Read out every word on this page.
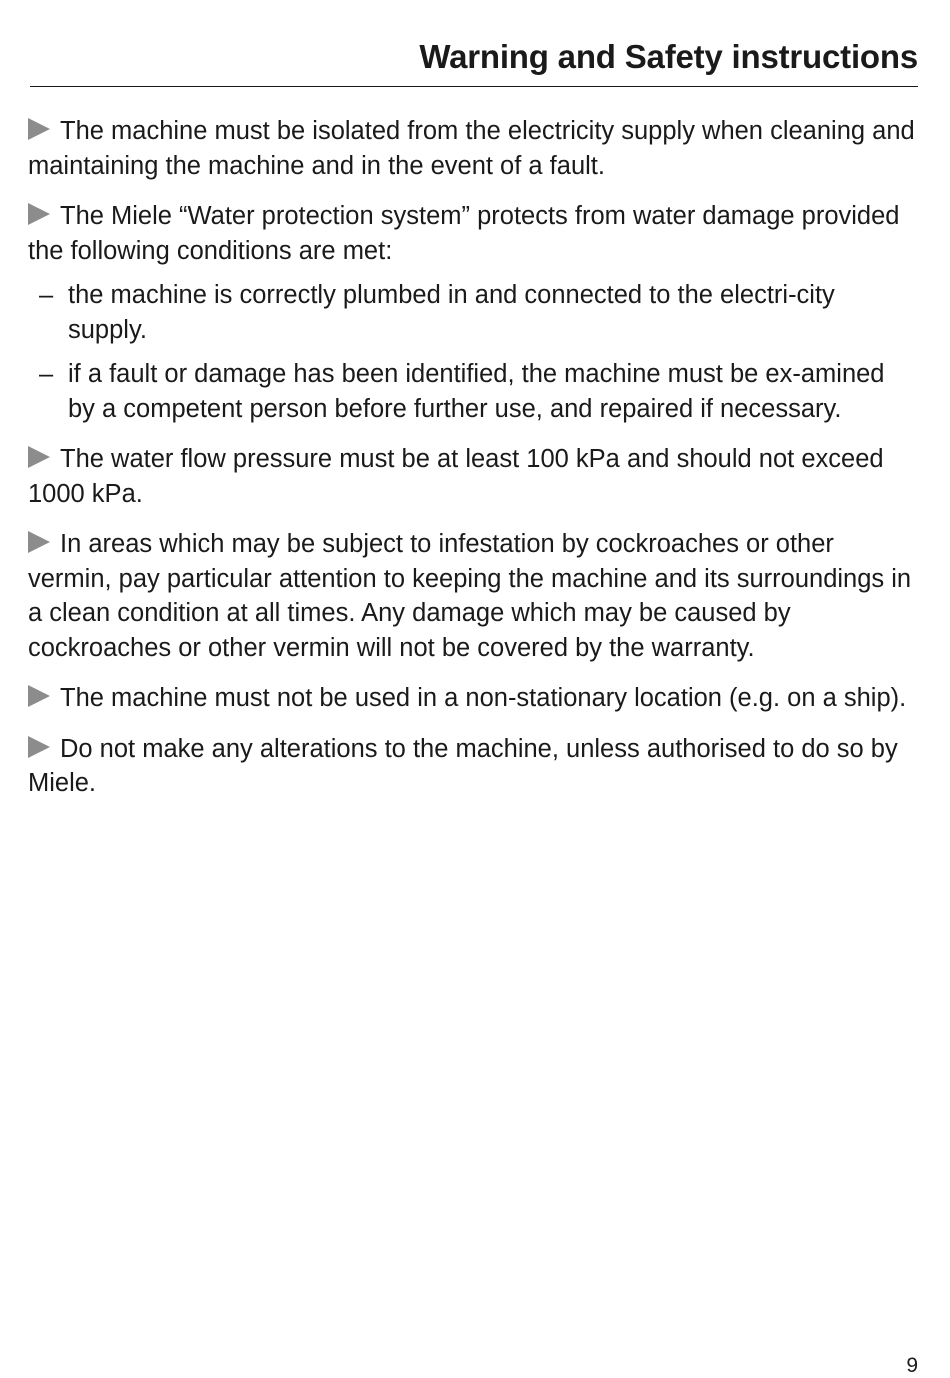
Warning and Safety instructions

The machine must be isolated from the electricity supply when cleaning and maintaining the machine and in the event of a fault.

The Miele “Water protection system” protects from water damage provided the following conditions are met:

– the machine is correctly plumbed in and connected to the electri-city supply.
– if a fault or damage has been identified, the machine must be ex-amined by a competent person before further use, and repaired if necessary.

The water flow pressure must be at least 100 kPa and should not exceed 1000 kPa.

In areas which may be subject to infestation by cockroaches or other vermin, pay particular attention to keeping the machine and its surroundings in a clean condition at all times. Any damage which may be caused by cockroaches or other vermin will not be covered by the warranty.

The machine must not be used in a non-stationary location (e.g. on a ship).

Do not make any alterations to the machine, unless authorised to do so by Miele.

9
